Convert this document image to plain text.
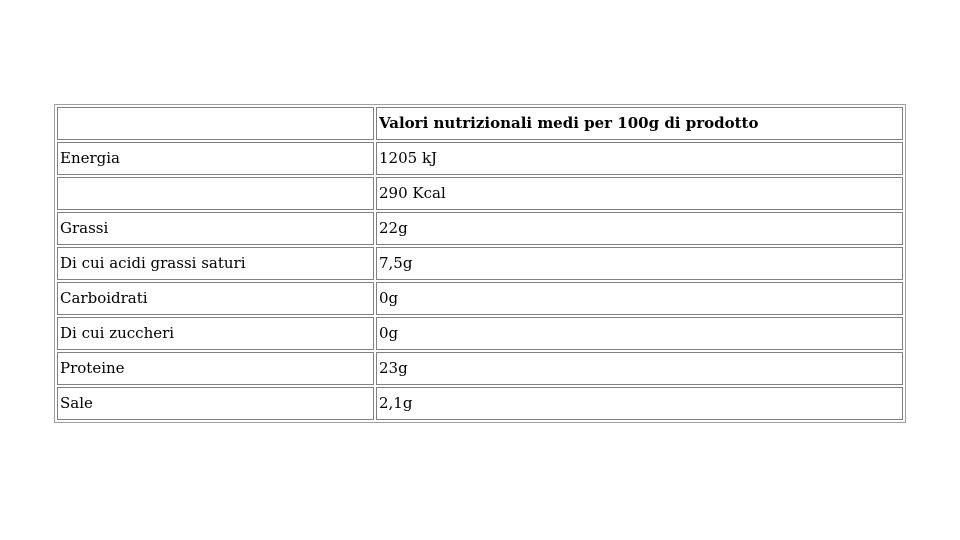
	Valori nutrizionali medi per 100g di prodotto
Energia	1205 kJ
	290 Kcal
Grassi	22g
Di cui acidi grassi saturi	7,5g
Carboidrati	0g
Di cui zuccheri	0g
Proteine	23g
Sale	2,1g
